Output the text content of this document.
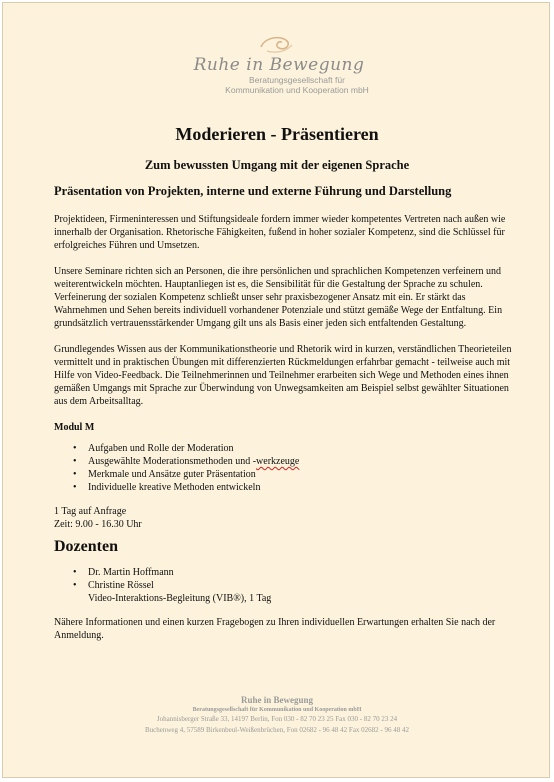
Ruhe in Bewegung
Beratungsgesellschaft für
Kommunikation und Kooperation mbH
Moderieren - Präsentieren
Zum bewussten Umgang mit der eigenen Sprache
Präsentation von Projekten, interne und externe Führung und Darstellung

Projektideen, Firmeninteressen und Stiftungsideale fordern immer wieder kompetentes Vertreten nach außen wie innerhalb der Organisation. Rhetorische Fähigkeiten, fußend in hoher sozialer Kompetenz, sind die Schlüssel für erfolgreiches Führen und Umsetzen.

Unsere Seminare richten sich an Personen, die ihre persönlichen und sprachlichen Kompetenzen verfeinern und weiterentwickeln möchten. Hauptanliegen ist es, die Sensibilität für die Gestaltung der Sprache zu schulen. Verfeinerung der sozialen Kompetenz schließt unser sehr praxisbezogener Ansatz mit ein. Er stärkt das Wahrnehmen und Sehen bereits individuell vorhandener Potenziale und stützt gemäße Wege der Entfaltung. Ein grundsätzlich vertrauensstärkender Umgang gilt uns als Basis einer jeden sich entfaltenden Gestaltung.

Grundlegendes Wissen aus der Kommunikationstheorie und Rhetorik wird in kurzen, verständlichen Theorieteilen vermittelt und in praktischen Übungen mit differenzierten Rückmeldungen erfahrbar gemacht - teilweise auch mit Hilfe von Video-Feedback. Die Teilnehmerinnen und Teilnehmer erarbeiten sich Wege und Methoden eines ihnen gemäßen Umgangs mit Sprache zur Überwindung von Unwegsamkeiten am Beispiel selbst gewählter Situationen aus dem Arbeitsalltag.

Modul M
• Aufgaben und Rolle der Moderation
• Ausgewählte Moderationsmethoden und -werkzeuge
• Merkmale und Ansätze guter Präsentation
• Individuelle kreative Methoden entwickeln
1 Tag auf Anfrage
Zeit: 9.00 - 16.30 Uhr
Dozenten
• Dr. Martin Hoffmann
• Christine Rössel
Video-Interaktions-Begleitung (VIB®), 1 Tag

Nähere Informationen und einen kurzen Fragebogen zu Ihren individuellen Erwartungen erhalten Sie nach der Anmeldung.

Ruhe in Bewegung
Beratungsgesellschaft für Kommunikation und Kooperation mbH
Johannisberger Straße 33, 14197 Berlin, Fon 030 - 82 70 23 25 Fax 030 - 82 70 23 24
Buchenweg 4, 57589 Birkenbeul-Weißenbrüchen, Fon 02682 - 96 48 42 Fax 02682 - 96 48 42
